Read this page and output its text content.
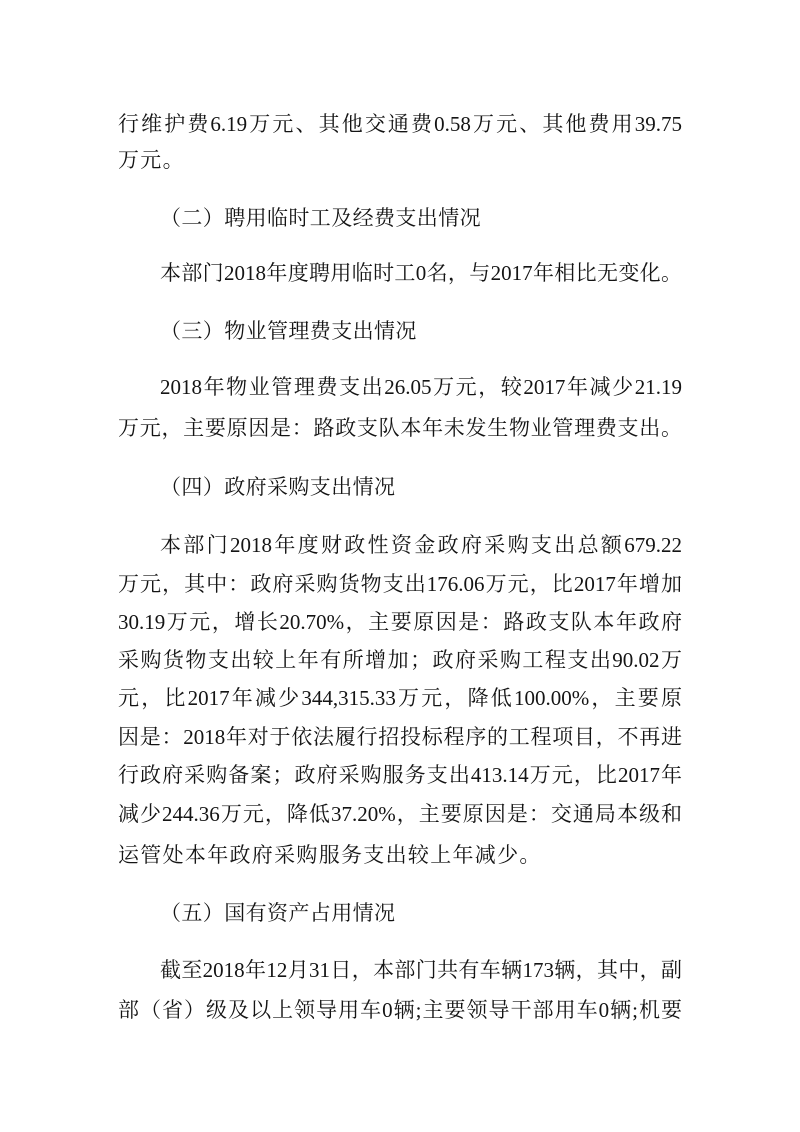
行维护费6.19万元、其他交通费0.58万元、其他费用39.75
万元。
（二）聘用临时工及经费支出情况
本部门2018年度聘用临时工0名，与2017年相比无变化。
（三）物业管理费支出情况
2018年物业管理费支出26.05万元，较2017年减少21.19
万元，主要原因是：路政支队本年未发生物业管理费支出。
（四）政府采购支出情况
本部门2018年度财政性资金政府采购支出总额679.22
万元，其中：政府采购货物支出176.06万元，比2017年增加
30.19万元，增长20.70%，主要原因是：路政支队本年政府
采购货物支出较上年有所增加；政府采购工程支出90.02万
元，比2017年减少344,315.33万元，降低100.00%，主要原
因是：2018年对于依法履行招投标程序的工程项目，不再进
行政府采购备案；政府采购服务支出413.14万元，比2017年
减少244.36万元，降低37.20%，主要原因是：交通局本级和
运管处本年政府采购服务支出较上年减少。
（五）国有资产占用情况
截至2018年12月31日，本部门共有车辆173辆，其中，副
部（省）级及以上领导用车0辆;主要领导干部用车0辆;机要
